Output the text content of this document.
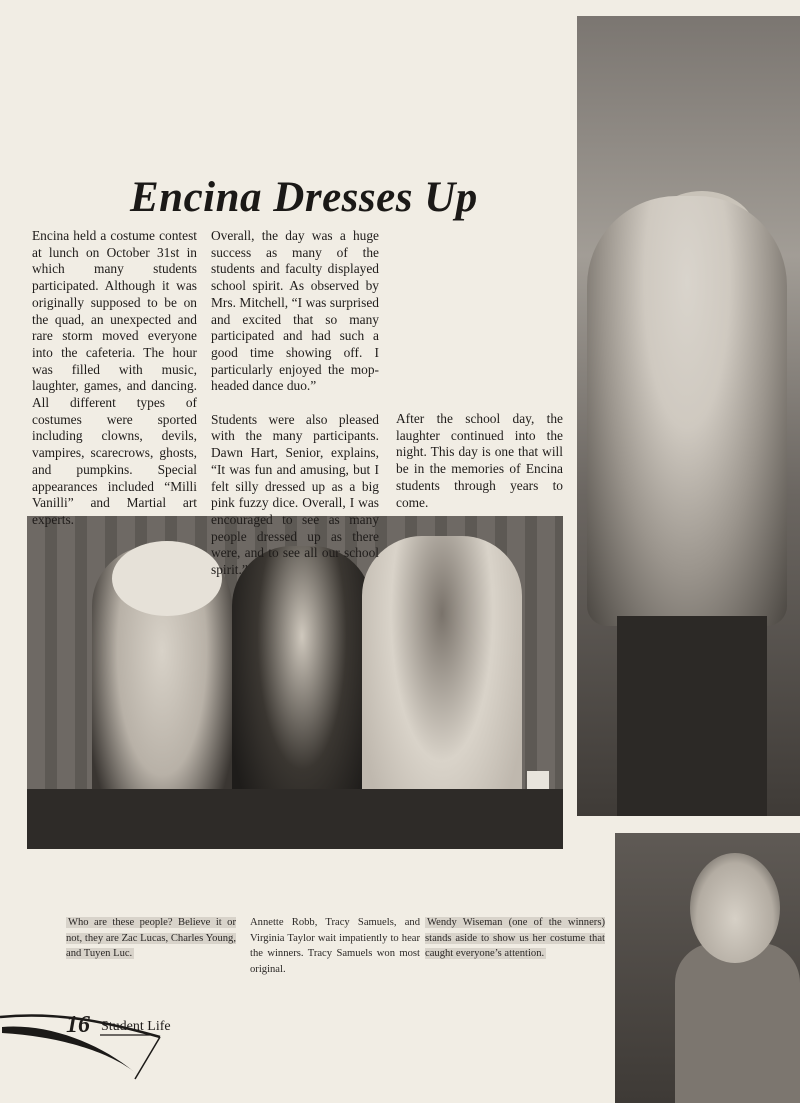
Encina Dresses Up

Encina held a costume contest at lunch on October 31st in which many students participated. Although it was originally supposed to be on the quad, an unexpected and rare storm moved everyone into the cafeteria. The hour was filled with music, laughter, games, and dancing. All different types of costumes were sported including clowns, devils, vampires, scarecrows, ghosts, and pumpkins. Special appearances included “Milli Vanilli” and Martial art experts.

Overall, the day was a huge success as many of the students and faculty displayed school spirit. As observed by Mrs. Mitchell, “I was surprised and excited that so many participated and had such a good time showing off. I particularly enjoyed the mop-headed dance duo.”

Students were also pleased with the many participants. Dawn Hart, Senior, explains, “It was fun and amusing, but I felt silly dressed up as a big pink fuzzy dice. Overall, I was encouraged to see as many people dressed up as there were, and to see all our school spirit.”

After the school day, the laughter continued into the night. This day is one that will be in the memories of Encina students through years to come.

Who are these people? Believe it or not, they are Zac Lucas, Charles Young, and Tuyen Luc.
Annette Robb, Tracy Samuels, and Virginia Taylor wait impatiently to hear the winners. Tracy Samuels won most original.
Wendy Wiseman (one of the winners) stands aside to show us her costume that caught everyone’s attention.
16 Student Life
